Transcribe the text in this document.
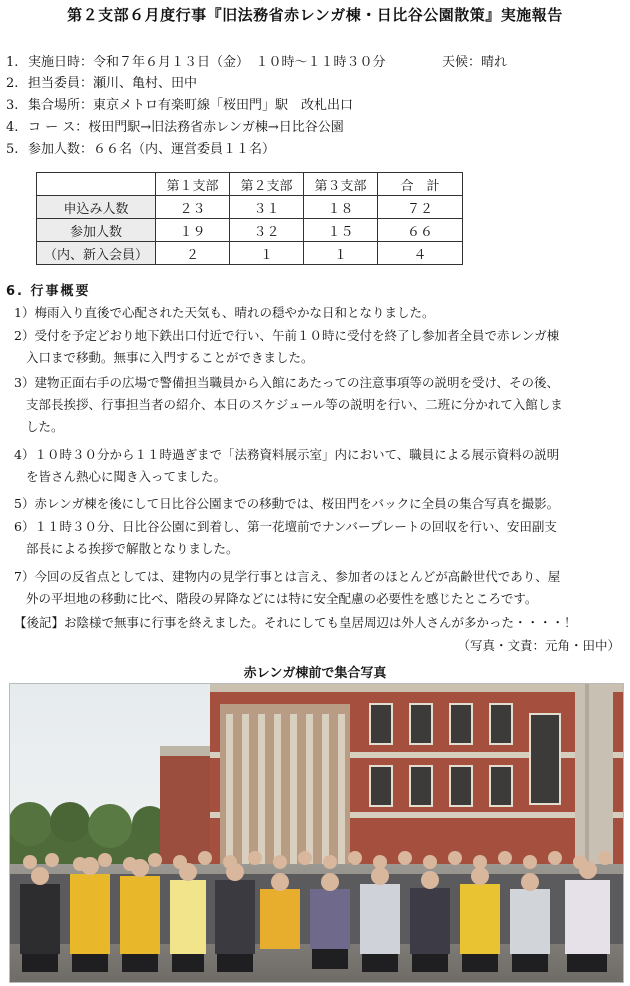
第２支部６月度行事『旧法務省赤レンガ棟・日比谷公園散策』実施報告
1. 実施日時：令和７年６月１３日（金）　１０時〜１１時３０分	天候：晴れ
2. 担当委員：瀬川、亀村、田中
3. 集合場所：東京メトロ有楽町線「桜田門」駅　改札出口
4. コ ー ス：桜田門駅→旧法務省赤レンガ棟→日比谷公園
5. 参加人数：６６名（内、運営委員１１名）
	第１支部	第２支部	第３支部	合　計
申込み人数	２３	３１	１８	７２
参加人数	１９	３２	１５	６６
（内、新入会員）	２	１	１	４
6. 行事概要
1）梅雨入り直後で心配された天気も、晴れの穏やかな日和となりました。
2）受付を予定どおり地下鉄出口付近で行い、午前１０時に受付を終了し参加者全員で赤レンガ棟
入口まで移動。無事に入門することができました。
3）建物正面右手の広場で警備担当職員から入館にあたっての注意事項等の説明を受け、その後、
支部長挨拶、行事担当者の紹介、本日のスケジュール等の説明を行い、二班に分かれて入館しま
した。
4）１０時３０分から１１時過ぎまで「法務資料展示室」内において、職員による展示資料の説明
を皆さん熱心に聞き入ってました。
5）赤レンガ棟を後にして日比谷公園までの移動では、桜田門をバックに全員の集合写真を撮影。
6）１１時３０分、日比谷公園に到着し、第一花壇前でナンバープレートの回収を行い、安田副支
部長による挨拶で解散となりました。
7）今回の反省点としては、建物内の見学行事とは言え、参加者のほとんどが高齢世代であり、屋
外の平坦地の移動に比べ、階段の昇降などには特に安全配慮の必要性を感じたところです。
【後記】お陰様で無事に行事を終えました。それにしても皇居周辺は外人さんが多かった・・・・！
（写真・文責：元角・田中）
赤レンガ棟前で集合写真
